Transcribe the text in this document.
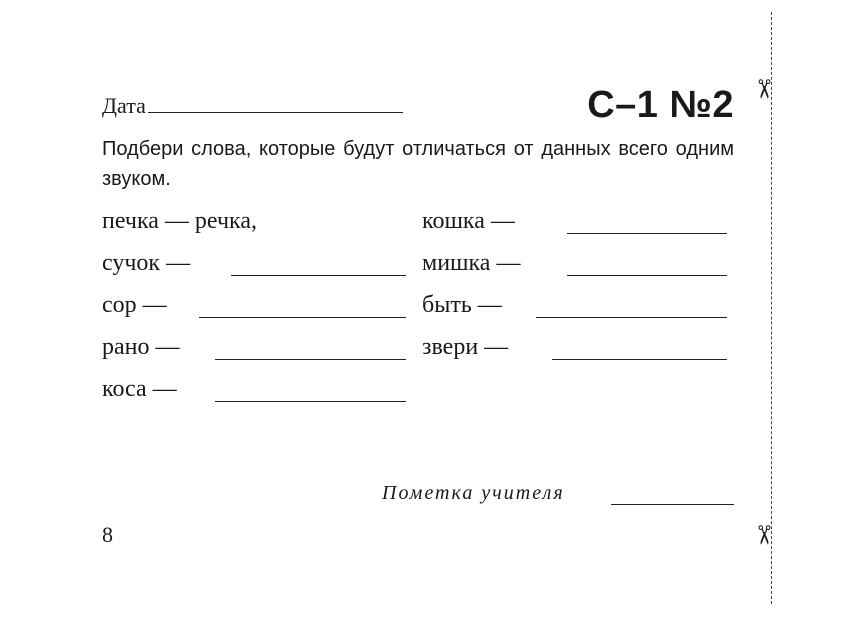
Дата	С–1 №2
Подбери слова, которые будут отличаться от данных всего одним звуком.
печка — речка,
сучок —
сор —
рано —
коса —
кошка —
мишка —
быть —
звери —
Пометка учителя
8
✂
✂
